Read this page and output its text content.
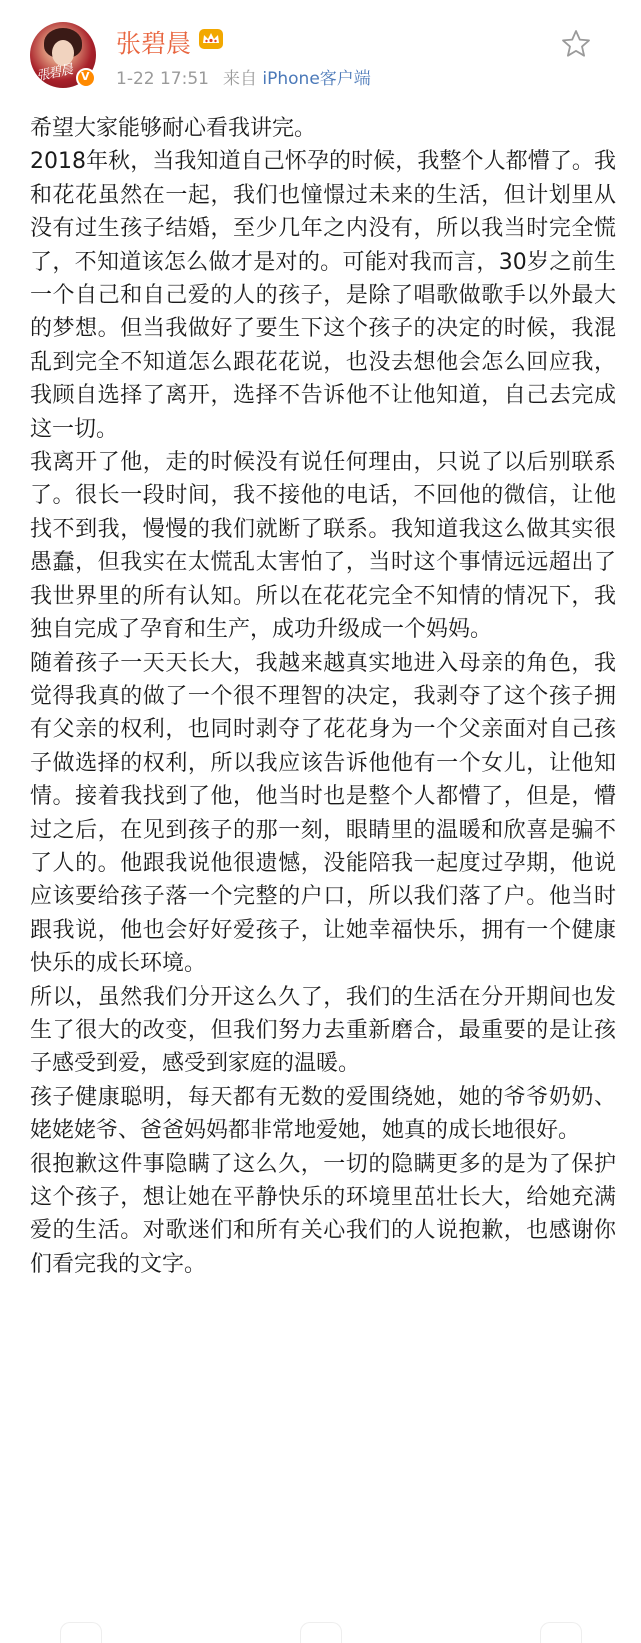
張碧晨 V
张碧晨
1-22 17:51 来自 iPhone客户端

希望大家能够耐心看我讲完。

2018年秋，当我知道自己怀孕的时候，我整个人都懵了。我和花花虽然在一起，我们也憧憬过未来的生活，但计划里从没有过生孩子结婚，至少几年之内没有，所以我当时完全慌了，不知道该怎么做才是对的。可能对我而言，30岁之前生一个自己和自己爱的人的孩子，是除了唱歌做歌手以外最大的梦想。但当我做好了要生下这个孩子的决定的时候，我混乱到完全不知道怎么跟花花说，也没去想他会怎么回应我，我顾自选择了离开，选择不告诉他不让他知道，自己去完成这一切。

我离开了他，走的时候没有说任何理由，只说了以后别联系了。很长一段时间，我不接他的电话，不回他的微信，让他找不到我，慢慢的我们就断了联系。我知道我这么做其实很愚蠢，但我实在太慌乱太害怕了，当时这个事情远远超出了我世界里的所有认知。所以在花花完全不知情的情况下，我独自完成了孕育和生产，成功升级成一个妈妈。

随着孩子一天天长大，我越来越真实地进入母亲的角色，我觉得我真的做了一个很不理智的决定，我剥夺了这个孩子拥有父亲的权利，也同时剥夺了花花身为一个父亲面对自己孩子做选择的权利，所以我应该告诉他他有一个女儿，让他知情。接着我找到了他，他当时也是整个人都懵了，但是，懵过之后，在见到孩子的那一刻，眼睛里的温暖和欣喜是骗不了人的。他跟我说他很遗憾，没能陪我一起度过孕期，他说应该要给孩子落一个完整的户口，所以我们落了户。他当时跟我说，他也会好好爱孩子，让她幸福快乐，拥有一个健康快乐的成长环境。

所以，虽然我们分开这么久了，我们的生活在分开期间也发生了很大的改变，但我们努力去重新磨合，最重要的是让孩子感受到爱，感受到家庭的温暖。

孩子健康聪明，每天都有无数的爱围绕她，她的爷爷奶奶、姥姥姥爷、爸爸妈妈都非常地爱她，她真的成长地很好。

很抱歉这件事隐瞒了这么久，一切的隐瞒更多的是为了保护这个孩子，想让她在平静快乐的环境里茁壮长大，给她充满爱的生活。对歌迷们和所有关心我们的人说抱歉，也感谢你们看完我的文字。
